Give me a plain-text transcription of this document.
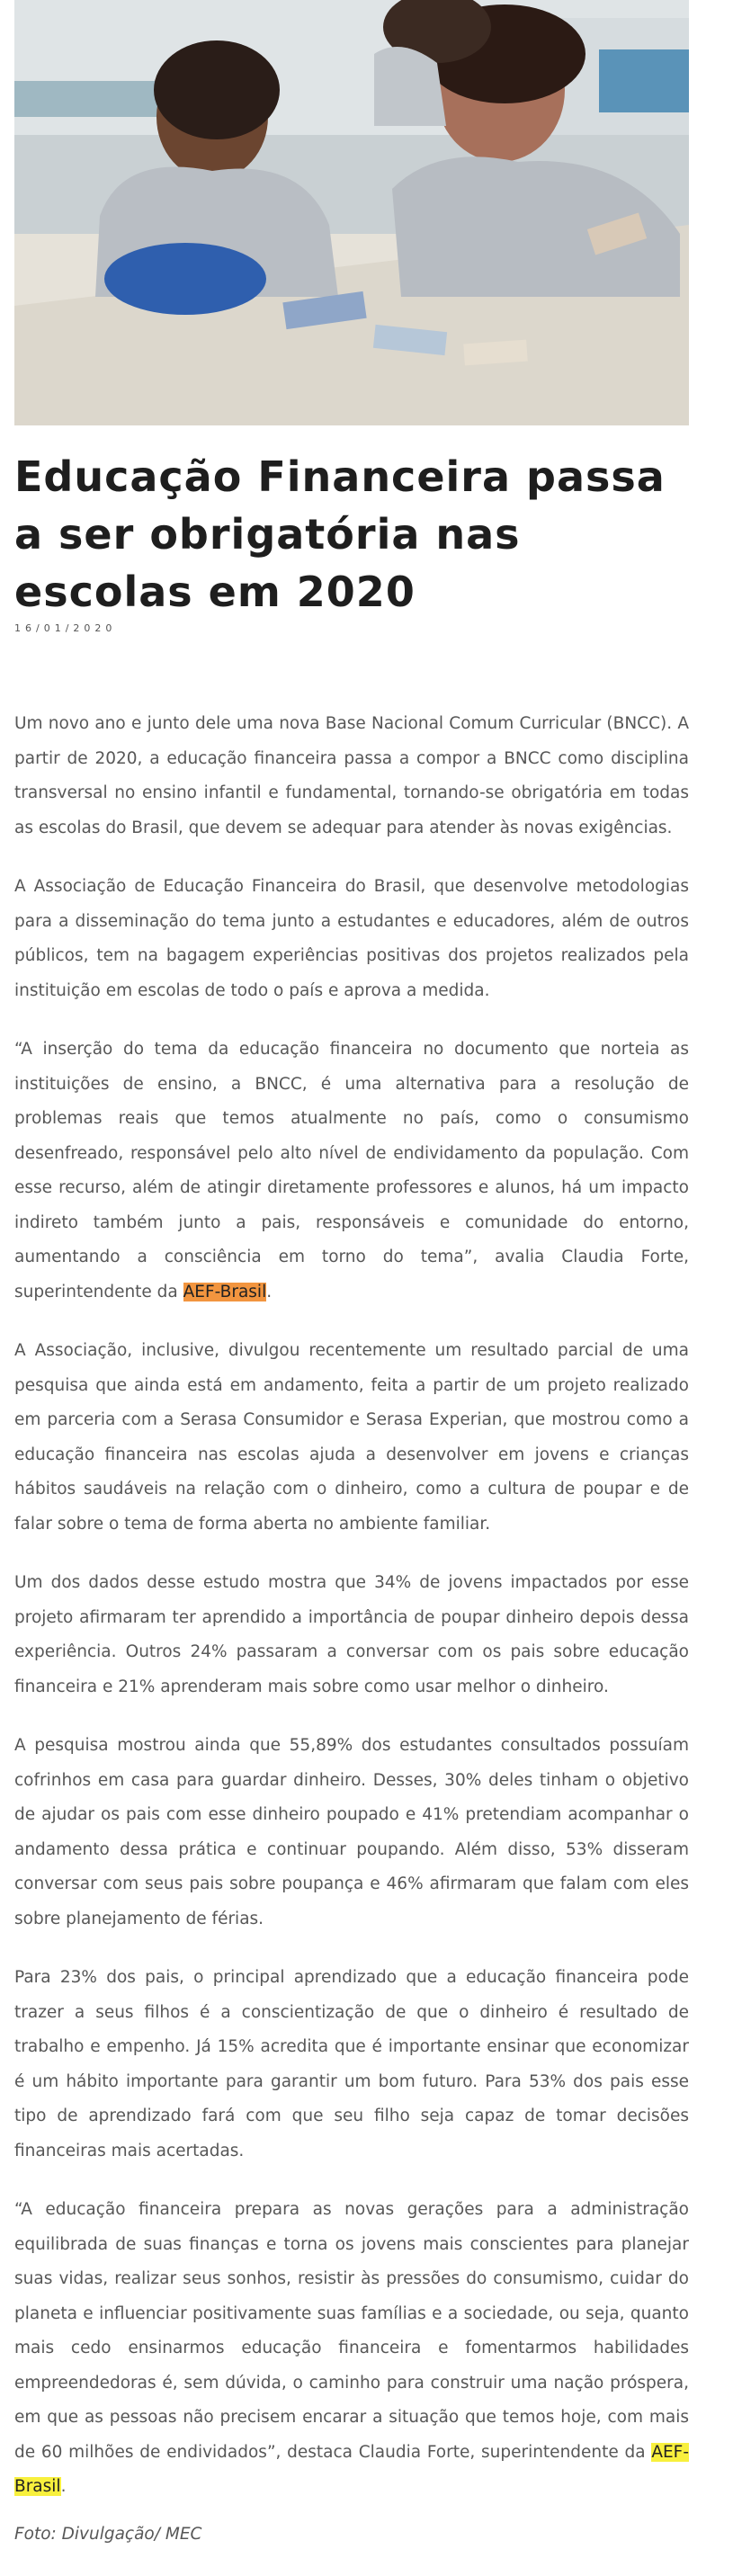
Educação Financeira passa a ser obrigatória nas escolas em 2020

16/01/2020

Um novo ano e junto dele uma nova Base Nacional Comum Curricular (BNCC). A partir de 2020, a educação financeira passa a compor a BNCC como disciplina transversal no ensino infantil e fundamental, tornando-se obrigatória em todas as escolas do Brasil, que devem se adequar para atender às novas exigências.

A Associação de Educação Financeira do Brasil, que desenvolve metodologias para a disseminação do tema junto a estudantes e educadores, além de outros públicos, tem na bagagem experiências positivas dos projetos realizados pela instituição em escolas de todo o país e aprova a medida.

“A inserção do tema da educação financeira no documento que norteia as instituições de ensino, a BNCC, é uma alternativa para a resolução de problemas reais que temos atualmente no país, como o consumismo desenfreado, responsável pelo alto nível de endividamento da população. Com esse recurso, além de atingir diretamente professores e alunos, há um impacto indireto também junto a pais, responsáveis e comunidade do entorno, aumentando a consciência em torno do tema”, avalia Claudia Forte, superintendente da AEF-Brasil.

A Associação, inclusive, divulgou recentemente um resultado parcial de uma pesquisa que ainda está em andamento, feita a partir de um projeto realizado em parceria com a Serasa Consumidor e Serasa Experian, que mostrou como a educação financeira nas escolas ajuda a desenvolver em jovens e crianças hábitos saudáveis na relação com o dinheiro, como a cultura de poupar e de falar sobre o tema de forma aberta no ambiente familiar.

Um dos dados desse estudo mostra que 34% de jovens impactados por esse projeto afirmaram ter aprendido a importância de poupar dinheiro depois dessa experiência. Outros 24% passaram a conversar com os pais sobre educação financeira e 21% aprenderam mais sobre como usar melhor o dinheiro.

A pesquisa mostrou ainda que 55,89% dos estudantes consultados possuíam cofrinhos em casa para guardar dinheiro. Desses, 30% deles tinham o objetivo de ajudar os pais com esse dinheiro poupado e 41% pretendiam acompanhar o andamento dessa prática e continuar poupando. Além disso, 53% disseram conversar com seus pais sobre poupança e 46% afirmaram que falam com eles sobre planejamento de férias.

Para 23% dos pais, o principal aprendizado que a educação financeira pode trazer a seus filhos é a conscientização de que o dinheiro é resultado de trabalho e empenho. Já 15% acredita que é importante ensinar que economizar é um hábito importante para garantir um bom futuro. Para 53% dos pais esse tipo de aprendizado fará com que seu filho seja capaz de tomar decisões financeiras mais acertadas.

“A educação financeira prepara as novas gerações para a administração equilibrada de suas finanças e torna os jovens mais conscientes para planejar suas vidas, realizar seus sonhos, resistir às pressões do consumismo, cuidar do planeta e influenciar positivamente suas famílias e a sociedade, ou seja, quanto mais cedo ensinarmos educação financeira e fomentarmos habilidades empreendedoras é, sem dúvida, o caminho para construir uma nação próspera, em que as pessoas não precisem encarar a situação que temos hoje, com mais de 60 milhões de endividados”, destaca Claudia Forte, superintendente da AEF-Brasil.

Foto: Divulgação/ MEC
